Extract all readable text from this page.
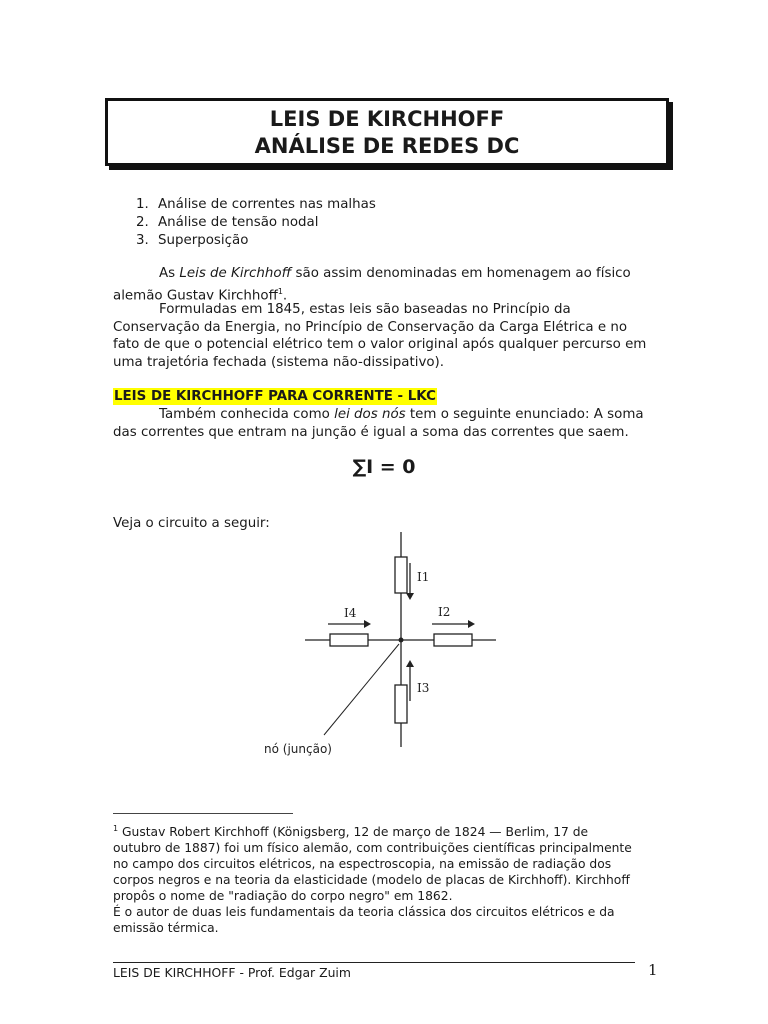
LEIS DE KIRCHHOFF
ANÁLISE DE REDES DC
1. Análise de correntes nas malhas
2. Análise de tensão nodal
3. Superposição

As Leis de Kirchhoff são assim denominadas em homenagem ao físico alemão Gustav Kirchhoff$^1$.

Formuladas em 1845, estas leis são baseadas no Princípio da Conservação da Energia, no Princípio de Conservação da Carga Elétrica e no fato de que o potencial elétrico tem o valor original após qualquer percurso em uma trajetória fechada (sistema não-dissipativo).

LEIS DE KIRCHHOFF PARA CORRENTE - LKC

Também conhecida como lei dos nós tem o seguinte enunciado: A soma das correntes que entram na junção é igual a soma das correntes que saem.

∑I = 0

Veja o circuito a seguir:

I1
I4	I2
I3
nó (junção)

$^1$ Gustav Robert Kirchhoff (Königsberg, 12 de março de 1824 — Berlim, 17 de outubro de 1887) foi um físico alemão, com contribuições científicas principalmente no campo dos circuitos elétricos, na espectroscopia, na emissão de radiação dos corpos negros e na teoria da elasticidade (modelo de placas de Kirchhoff). Kirchhoff propôs o nome de "radiação do corpo negro" em 1862.
É o autor de duas leis fundamentais da teoria clássica dos circuitos elétricos e da emissão térmica.

LEIS DE KIRCHHOFF - Prof. Edgar Zuim	1
